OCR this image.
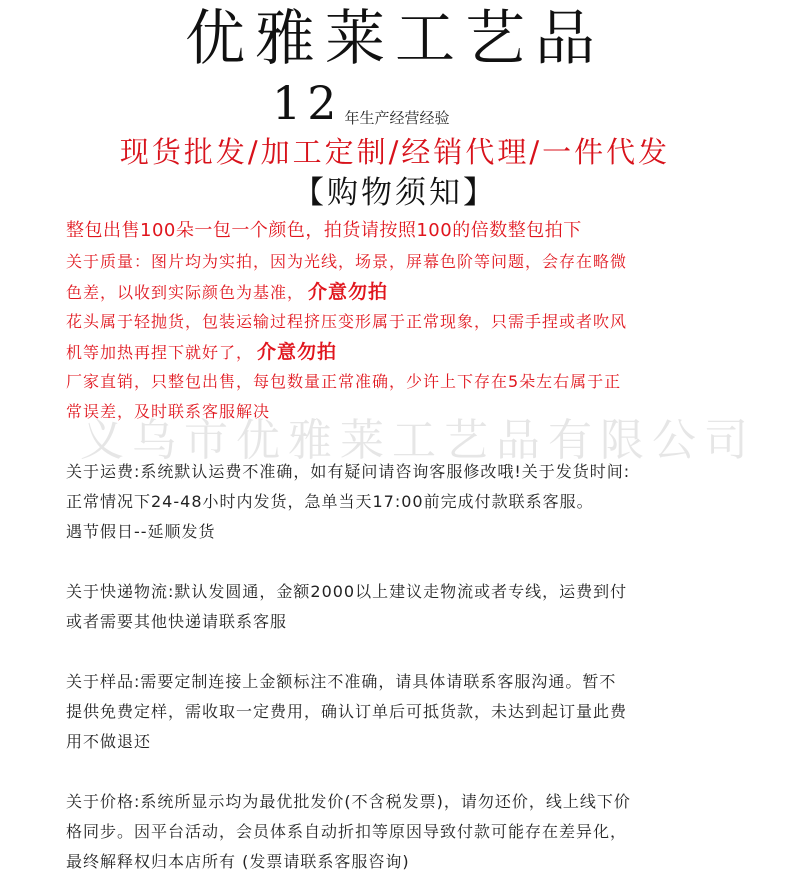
优雅莱工艺品
12 年生产经营经验
现货批发/加工定制/经销代理/一件代发
【购物须知】
整包出售100朵一包一个颜色，拍货请按照100的倍数整包拍下
关于质量：图片均为实拍，因为光线，场景，屏幕色阶等问题，会存在略微
色差，以收到实际颜色为基准， 介意勿拍
花头属于轻抛货，包装运输过程挤压变形属于正常现象，只需手捏或者吹风
机等加热再捏下就好了， 介意勿拍
厂家直销，只整包出售，每包数量正常准确，少许上下存在5朵左右属于正
常误差，及时联系客服解决
义乌市优雅莱工艺品有限公司
关于运费:系统默认运费不准确，如有疑问请咨询客服修改哦!关于发货时间:
正常情况下24-48小时内发货，急单当天17:00前完成付款联系客服。
遇节假日--延顺发货
关于快递物流:默认发圆通，金额2000以上建议走物流或者专线，运费到付
或者需要其他快递请联系客服
关于样品:需要定制连接上金额标注不准确，请具体请联系客服沟通。暂不
提供免费定样，需收取一定费用，确认订单后可抵货款，未达到起订量此费
用不做退还
关于价格:系统所显示均为最优批发价(不含税发票)，请勿还价，线上线下价
格同步。因平台活动，会员体系自动折扣等原因导致付款可能存在差异化，
最终解释权归本店所有 (发票请联系客服咨询)
